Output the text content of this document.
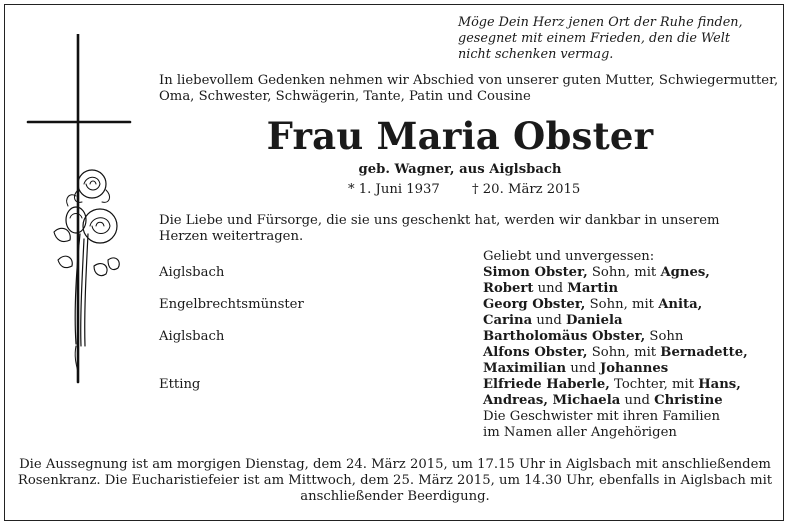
Möge Dein Herz jenen Ort der Ruhe finden,
gesegnet mit einem Frieden, den die Welt
nicht schenken vermag.
In liebevollem Gedenken nehmen wir Abschied von unserer guten Mutter, Schwiegermutter,
Oma, Schwester, Schwägerin, Tante, Patin und Cousine
Frau Maria Obster
geb. Wagner, aus Aiglsbach
* 1. Juni 1937 † 20. März 2015
Die Liebe und Fürsorge, die sie uns geschenkt hat, werden wir dankbar in unserem
Herzen weitertragen.
Geliebt und unvergessen:
Aiglsbach	Simon Obster, Sohn, mit Agnes,
Robert und Martin
Engelbrechtsmünster	Georg Obster, Sohn, mit Anita,
Carina und Daniela
Aiglsbach	Bartholomäus Obster, Sohn
Alfons Obster, Sohn, mit Bernadette,
Maximilian und Johannes
Etting	Elfriede Haberle, Tochter, mit Hans,
Andreas, Michaela und Christine
Die Geschwister mit ihren Familien
im Namen aller Angehörigen
Die Aussegnung ist am morgigen Dienstag, dem 24. März 2015, um 17.15 Uhr in Aiglsbach mit anschließendem
Rosenkranz. Die Eucharistiefeier ist am Mittwoch, dem 25. März 2015, um 14.30 Uhr, ebenfalls in Aiglsbach mit
anschließender Beerdigung.
